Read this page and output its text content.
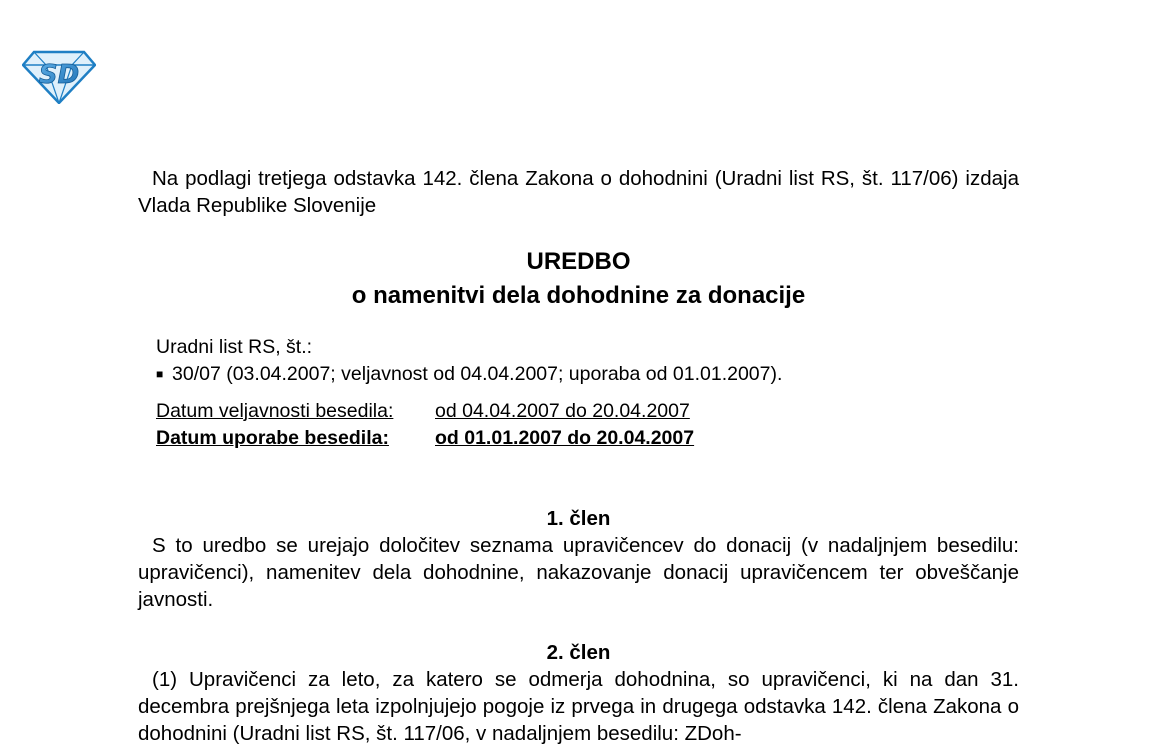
SD

Na podlagi tretjega odstavka 142. člena Zakona o dohodnini (Uradni list RS, št. 117/06) izdaja Vlada Republike Slovenije

UREDBO
o namenitvi dela dohodnine za donacije
Uradni list RS, št.:
■ 30/07 (03.04.2007; veljavnost od 04.04.2007; uporaba od 01.01.2007).
Datum veljavnosti besedila: od 04.04.2007 do 20.04.2007
Datum uporabe besedila: od 01.01.2007 do 20.04.2007

1. člen

S to uredbo se urejajo določitev seznama upravičencev do donacij (v nadaljnjem besedilu: upravičenci), namenitev dela dohodnine, nakazovanje donacij upravičencem ter obveščanje javnosti.

2. člen

(1) Upravičenci za leto, za katero se odmerja dohodnina, so upravičenci, ki na dan 31. decembra prejšnjega leta izpolnjujejo pogoje iz prvega in drugega odstavka 142. člena Zakona o dohodnini (Uradni list RS, št. 117/06, v nadaljnjem besedilu: ZDoh-
